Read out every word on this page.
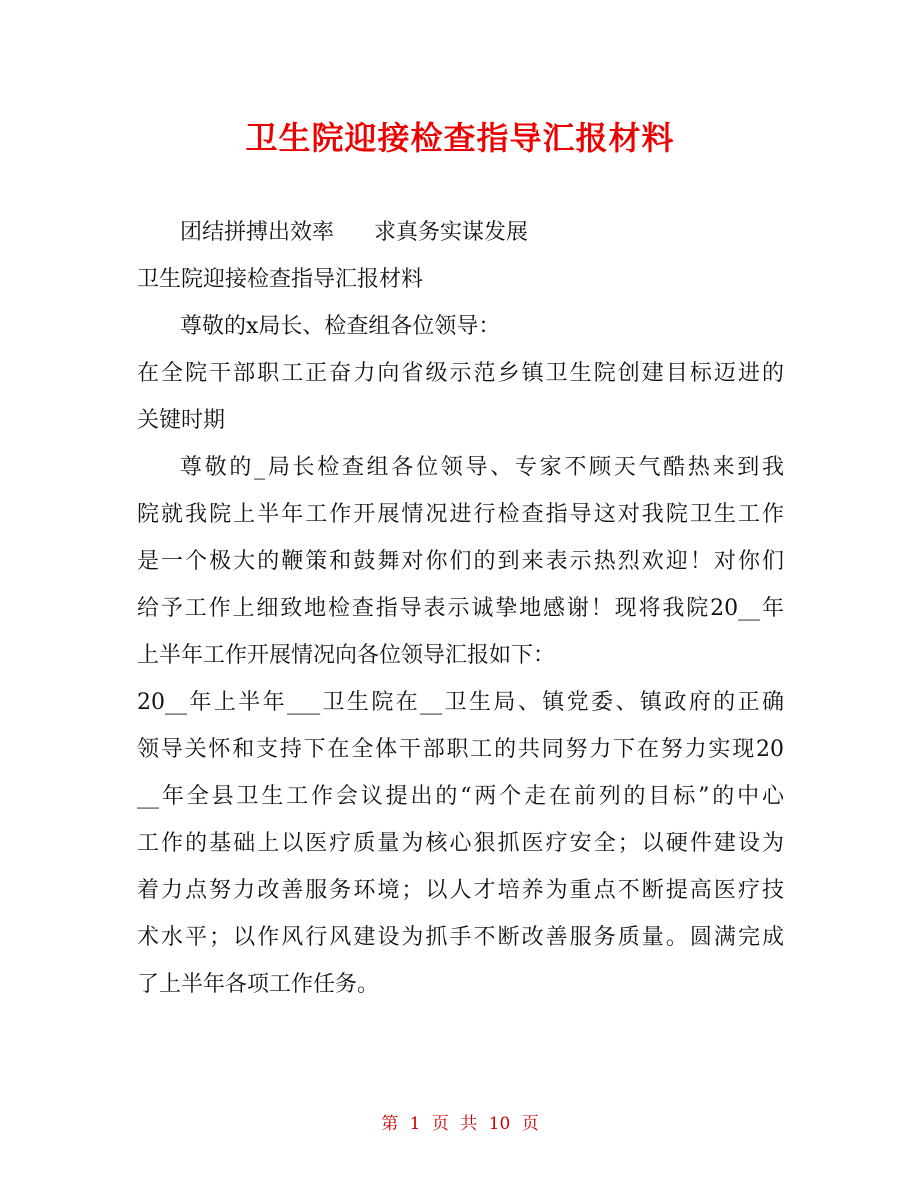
卫生院迎接检查指导汇报材料
团结拼搏出效率 求真务实谋发展
卫生院迎接检查指导汇报材料
尊敬的x局长、检查组各位领导：
在全院干部职工正奋力向省级示范乡镇卫生院创建目标迈进的
关键时期
尊敬的_局长检查组各位领导、专家不顾天气酷热来到我
院就我院上半年工作开展情况进行检查指导这对我院卫生工作
是一个极大的鞭策和鼓舞对你们的到来表示热烈欢迎！对你们
给予工作上细致地检查指导表示诚挚地感谢！现将我院20__年
上半年工作开展情况向各位领导汇报如下：
20__年上半年___卫生院在__卫生局、镇党委、镇政府的正确
领导关怀和支持下在全体干部职工的共同努力下在努力实现20
__年全县卫生工作会议提出的“两个走在前列的目标”的中心
工作的基础上以医疗质量为核心狠抓医疗安全；以硬件建设为
着力点努力改善服务环境；以人才培养为重点不断提高医疗技
术水平；以作风行风建设为抓手不断改善服务质量。圆满完成
了上半年各项工作任务。
第 1 页 共 10 页
